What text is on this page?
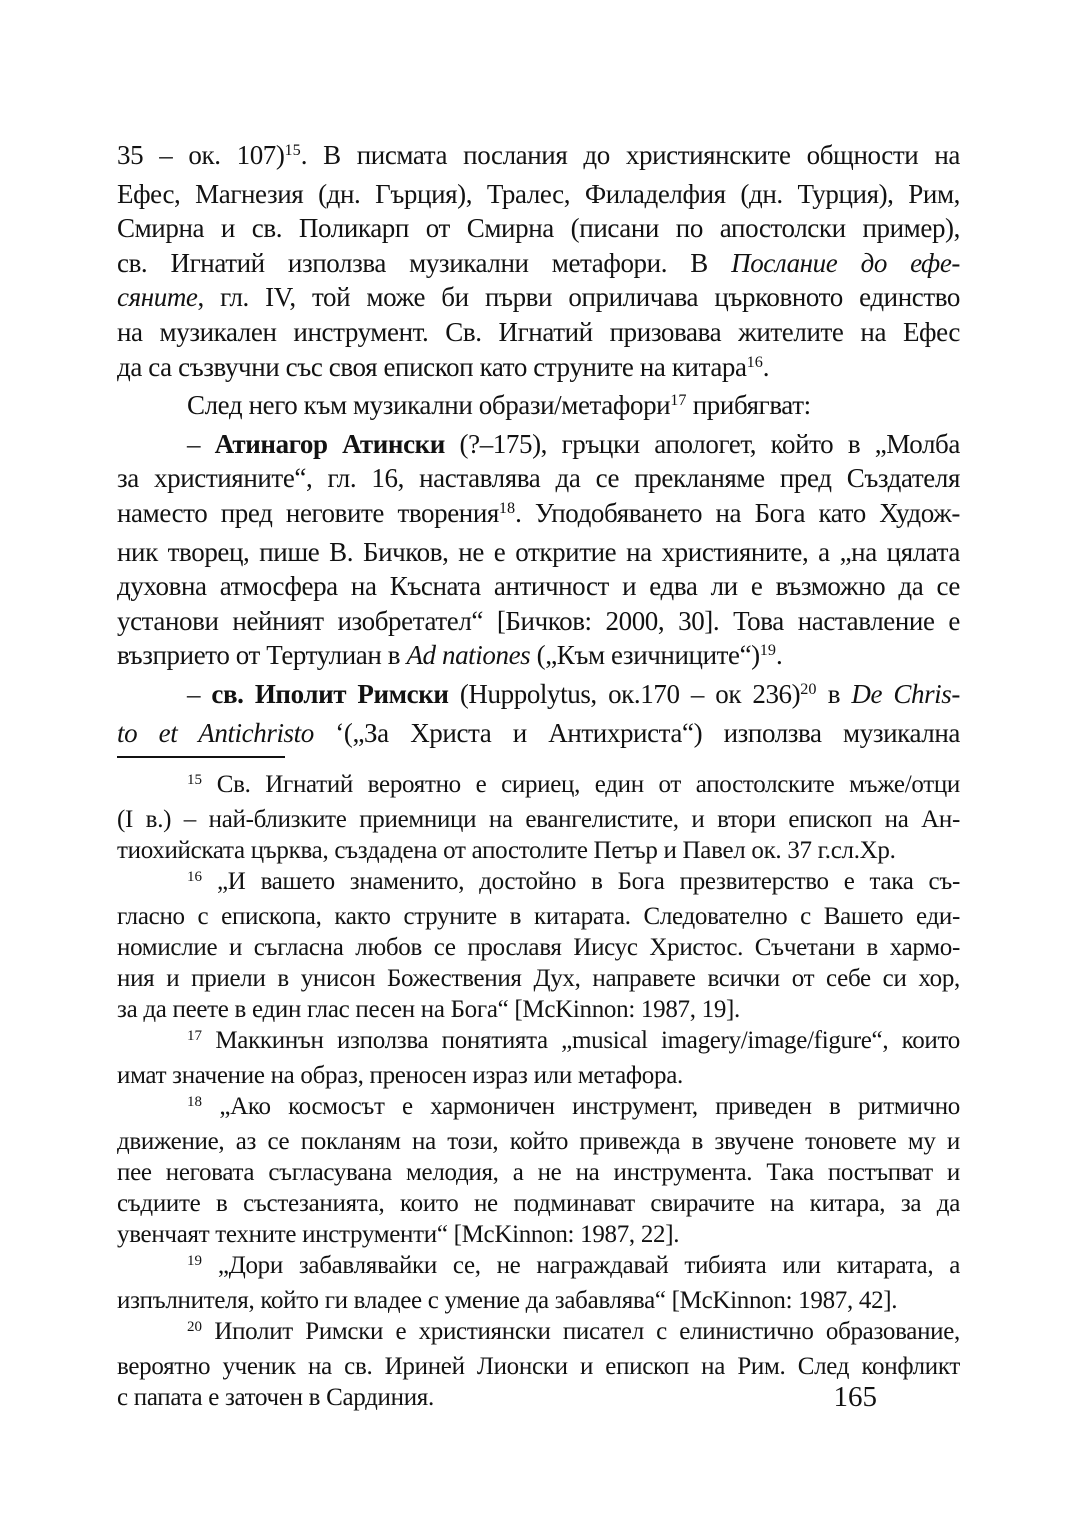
35 – ок. 107)$^{15}$. В писмата послания до християнските общности на
Ефес, Магнезия (дн. Гърция), Тралес, Филаделфия (дн. Турция), Рим,
Смирна и св. Поликарп от Смирна (писани по апостолски пример),
св. Игнатий използва музикални метафори. В Послание до ефе-
сяните, гл. IV, той може би първи оприличава църковното единство
на музикален инструмент. Св. Игнатий призовава жителите на Ефес
да са съзвучни със своя епископ като струните на китара$^{16}$.
След него към музикални образи/метафори$^{17}$ прибягват:
– Атинагор Атински (?–175), гръцки апологет, който в „Молба
за християните“, гл. 16, наставлява да се прекланяме пред Създателя
наместо пред неговите творения$^{18}$. Уподобяването на Бога като Худож-
ник творец, пише В. Бичков, не е откритие на християните, а „на цялата
духовна атмосфера на Късната античност и едва ли е възможно да се
установи нейният изобретател“ [Бичков: 2000, 30]. Това наставление е
възприето от Тертулиан в Ad nationes („Към езичниците“)$^{19}$.
– св. Иполит Римски (Huppolytus, ок.170 – ок 236)$^{20}$ в De Chris-
to et Antichristo ‘(„За Христа и Антихриста“) използва музикална
$^{15}$ Св. Игнатий вероятно е сириец, един от апостолските мъже/отци
(I в.) – най-близките приемници на евангелистите, и втори епископ на Ан-
тиохийската църква, създадена от апостолите Петър и Павел ок. 37 г.сл.Хр.
$^{16}$ „И вашето знаменито, достойно в Бога презвитерство е така съ-
гласно с епископа, както струните в китарата. Следователно с Вашето еди-
номислие и съгласна любов се прославя Иисус Христос. Съчетани в хармо-
ния и приели в унисон Божествения Дух, направете всички от себе си хор,
за да пеете в един глас песен на Бога“ [McKinnon: 1987, 19].
$^{17}$ Маккинън използва понятията „musical imagery/image/figure“, които
имат значение на образ, преносен израз или метафора.
$^{18}$ „Ако космосът е хармоничен инструмент, приведен в ритмично
движение, аз се покланям на този, който привежда в звучене тоновете му и
пее неговата съгласувана мелодия, а не на инструмента. Така постъпват и
съдиите в състезанията, които не подминават свирачите на китара, за да
увенчаят техните инструменти“ [McKinnon: 1987, 22].
$^{19}$ „Дори забавлявайки се, не награждавай тибията или китарата, а
изпълнителя, който ги владее с умение да забавлява“ [McKinnon: 1987, 42].
$^{20}$ Иполит Римски е християнски писател с елинистично образование,
вероятно ученик на св. Ириней Лионски и епископ на Рим. След конфликт
с папата е заточен в Сардиния.	165
